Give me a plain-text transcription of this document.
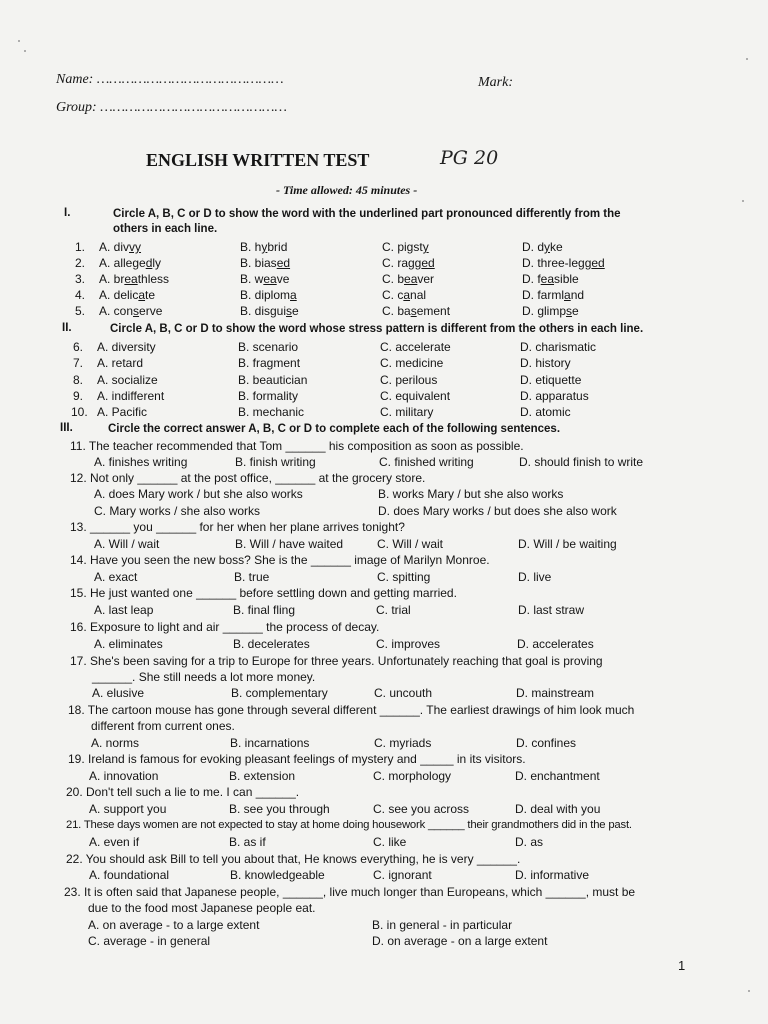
Name: ………………………………………	Mark:
Group: ………………………………………
ENGLISH WRITTEN TEST	PG 20
- Time allowed: 45 minutes -
I.	Circle A, B, C or D to show the word with the underlined part pronounced differently from the
others in each line.
1. A. divvy	B. hybrid	C. pigsty	D. dyke
2. A. allegedly	B. biased	C. ragged	D. three-legged
3. A. breathless	B. weave	C. beaver	D. feasible
4. A. delicate	B. diploma	C. canal	D. farmland
5. A. conserve	B. disguise	C. basement	D. glimpse
II.	Circle A, B, C or D to show the word whose stress pattern is different from the others in each line.
6. A. diversity	B. scenario	C. accelerate	D. charismatic
7. A. retard	B. fragment	C. medicine	D. history
8. A. socialize	B. beautician	C. perilous	D. etiquette
9. A. indifferent	B. formality	C. equivalent	D. apparatus
10. A. Pacific	B. mechanic	C. military	D. atomic
III.	Circle the correct answer A, B, C or D to complete each of the following sentences.
11. The teacher recommended that Tom ______ his composition as soon as possible.
A. finishes writing	B. finish writing	C. finished writing	D. should finish to write
12. Not only ______ at the post office, ______ at the grocery store.
A. does Mary work / but she also works	B. works Mary / but she also works
C. Mary works / she also works	D. does Mary works / but does she also work
13. ______ you ______ for her when her plane arrives tonight?
A. Will / wait	B. Will / have waited	C. Will / wait	D. Will / be waiting
14. Have you seen the new boss? She is the ______ image of Marilyn Monroe.
A. exact	B. true	C. spitting	D. live
15. He just wanted one ______ before settling down and getting married.
A. last leap	B. final fling	C. trial	D. last straw
16. Exposure to light and air ______ the process of decay.
A. eliminates	B. decelerates	C. improves	D. accelerates
17. She's been saving for a trip to Europe for three years. Unfortunately reaching that goal is proving
______. She still needs a lot more money.
A. elusive	B. complementary	C. uncouth	D. mainstream
18. The cartoon mouse has gone through several different ______. The earliest drawings of him look much
different from current ones.
A. norms	B. incarnations	C. myriads	D. confines
19. Ireland is famous for evoking pleasant feelings of mystery and _____ in its visitors.
A. innovation	B. extension	C. morphology	D. enchantment
20. Don't tell such a lie to me. I can ______.
A. support you	B. see you through	C. see you across	D. deal with you
21. These days women are not expected to stay at home doing housework ______ their grandmothers did in the past.
A. even if	B. as if	C. like	D. as
22. You should ask Bill to tell you about that, He knows everything, he is very ______.
A. foundational	B. knowledgeable	C. ignorant	D. informative
23. It is often said that Japanese people, ______, live much longer than Europeans, which ______, must be
due to the food most Japanese people eat.
A. on average - to a large extent	B. in general - in particular
C. average - in general	D. on average - on a large extent
1
